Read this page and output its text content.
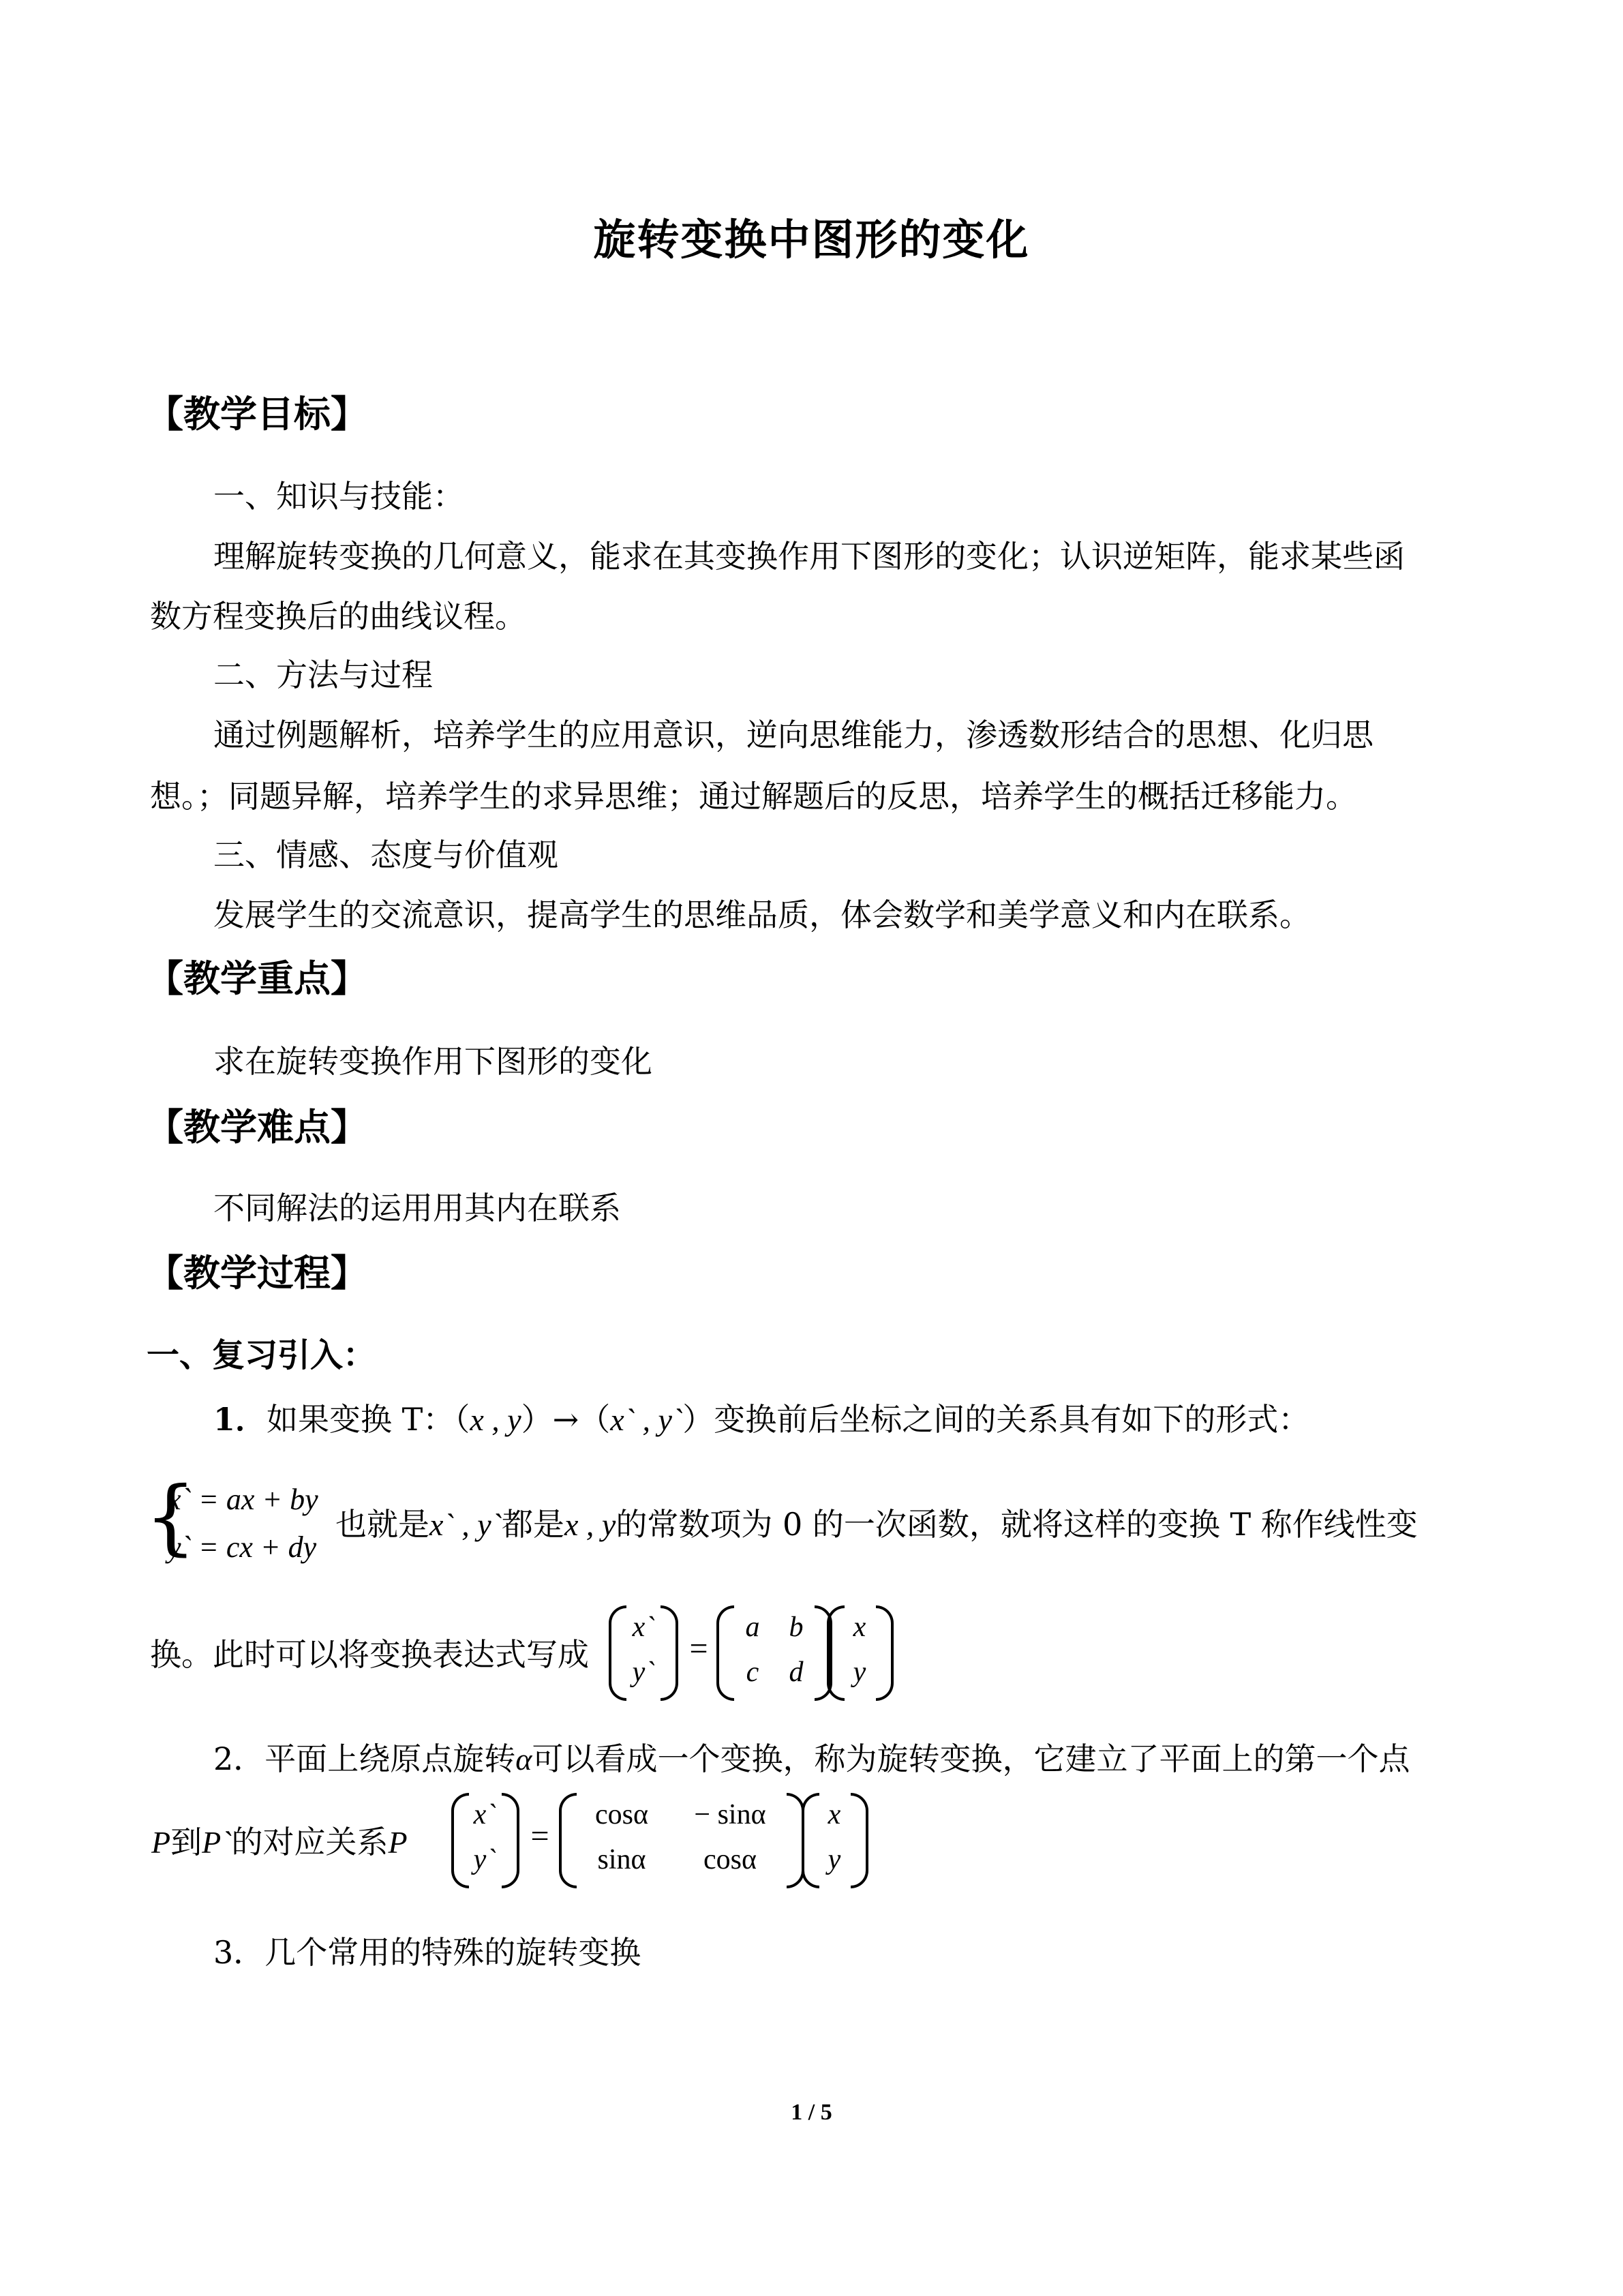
旋转变换中图形的变化
【教学目标】
一、知识与技能：
理解旋转变换的几何意义，能求在其变换作用下图形的变化；认识逆矩阵，能求某些函
数方程变换后的曲线议程。
二、方法与过程
通过例题解析，培养学生的应用意识，逆向思维能力，渗透数形结合的思想、化归思
想。；同题异解，培养学生的求异思维；通过解题后的反思，培养学生的概括迁移能力。
三、情感、态度与价值观
发展学生的交流意识，提高学生的思维品质，体会数学和美学意义和内在联系。
【教学重点】
求在旋转变换作用下图形的变化
【教学难点】
不同解法的运用用其内在联系
【教学过程】
一、复习引入：
1．如果变换 T：（x , y）→（x` , y`）变换前后坐标之间的关系具有如下的形式：
{
x` = ax + by
y` = cx + dy
也就是x` , y`都是x , y的常数项为 0 的一次函数，就将这样的变换 T 称作线性变
换。此时可以将变换表达式写成
x`
y`
=
a	b
c	d
x
y
2．平面上绕原点旋转α可以看成一个变换，称为旋转变换，它建立了平面上的第一个点
P到P`的对应关系P
x`
y`
=
cosα	− sinα
sinα	cosα
x
y
3．几个常用的特殊的旋转变换
1 / 5
